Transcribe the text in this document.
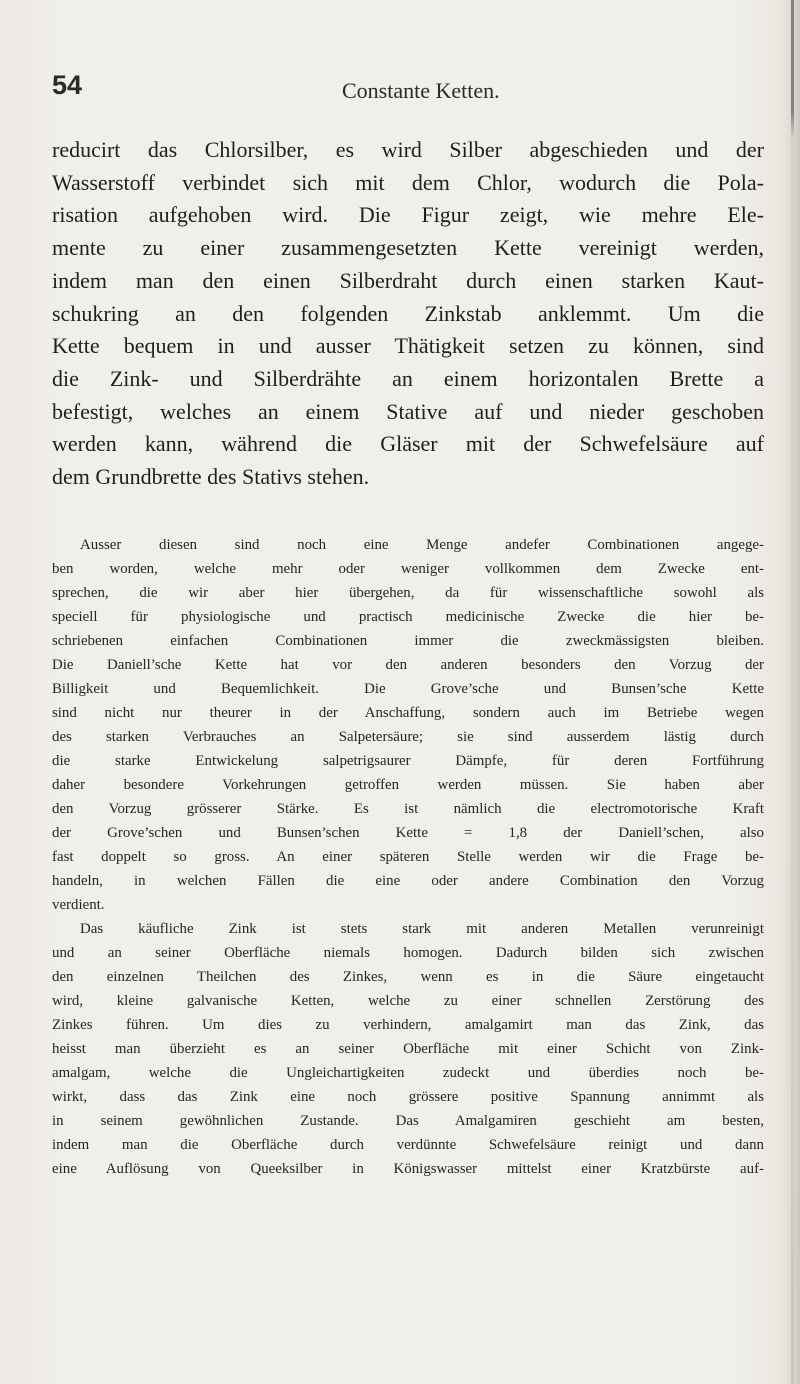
54	Constante Ketten.
reducirt das Chlorsilber, es wird Silber abgeschieden und der
Wasserstoff verbindet sich mit dem Chlor, wodurch die Pola-
risation aufgehoben wird. Die Figur zeigt, wie mehre Ele-
mente zu einer zusammengesetzten Kette vereinigt werden,
indem man den einen Silberdraht durch einen starken Kaut-
schukring an den folgenden Zinkstab anklemmt. Um die
Kette bequem in und ausser Thätigkeit setzen zu können, sind
die Zink- und Silberdrähte an einem horizontalen Brette a
befestigt, welches an einem Stative auf und nieder geschoben
werden kann, während die Gläser mit der Schwefelsäure auf
dem Grundbrette des Stativs stehen.
Ausser diesen sind noch eine Menge andefer Combinationen angege-
ben worden, welche mehr oder weniger vollkommen dem Zwecke ent-
sprechen, die wir aber hier übergehen, da für wissenschaftliche sowohl als
speciell für physiologische und practisch medicinische Zwecke die hier be-
schriebenen einfachen Combinationen immer die zweckmässigsten bleiben.
Die Daniell’sche Kette hat vor den anderen besonders den Vorzug der
Billigkeit und Bequemlichkeit. Die Grove’sche und Bunsen’sche Kette
sind nicht nur theurer in der Anschaffung, sondern auch im Betriebe wegen
des starken Verbrauches an Salpetersäure; sie sind ausserdem lästig durch
die starke Entwickelung salpetrigsaurer Dämpfe, für deren Fortführung
daher besondere Vorkehrungen getroffen werden müssen. Sie haben aber
den Vorzug grösserer Stärke. Es ist nämlich die electromotorische Kraft
der Grove’schen und Bunsen’schen Kette = 1,8 der Daniell’schen, also
fast doppelt so gross. An einer späteren Stelle werden wir die Frage be-
handeln, in welchen Fällen die eine oder andere Combination den Vorzug
verdient.
Das käufliche Zink ist stets stark mit anderen Metallen verunreinigt
und an seiner Oberfläche niemals homogen. Dadurch bilden sich zwischen
den einzelnen Theilchen des Zinkes, wenn es in die Säure eingetaucht
wird, kleine galvanische Ketten, welche zu einer schnellen Zerstörung des
Zinkes führen. Um dies zu verhindern, amalgamirt man das Zink, das
heisst man überzieht es an seiner Oberfläche mit einer Schicht von Zink-
amalgam, welche die Ungleichartigkeiten zudeckt und überdies noch be-
wirkt, dass das Zink eine noch grössere positive Spannung annimmt als
in seinem gewöhnlichen Zustande. Das Amalgamiren geschieht am besten,
indem man die Oberfläche durch verdünnte Schwefelsäure reinigt und dann
eine Auflösung von Queeksilber in Königswasser mittelst einer Kratzbürste auf-
